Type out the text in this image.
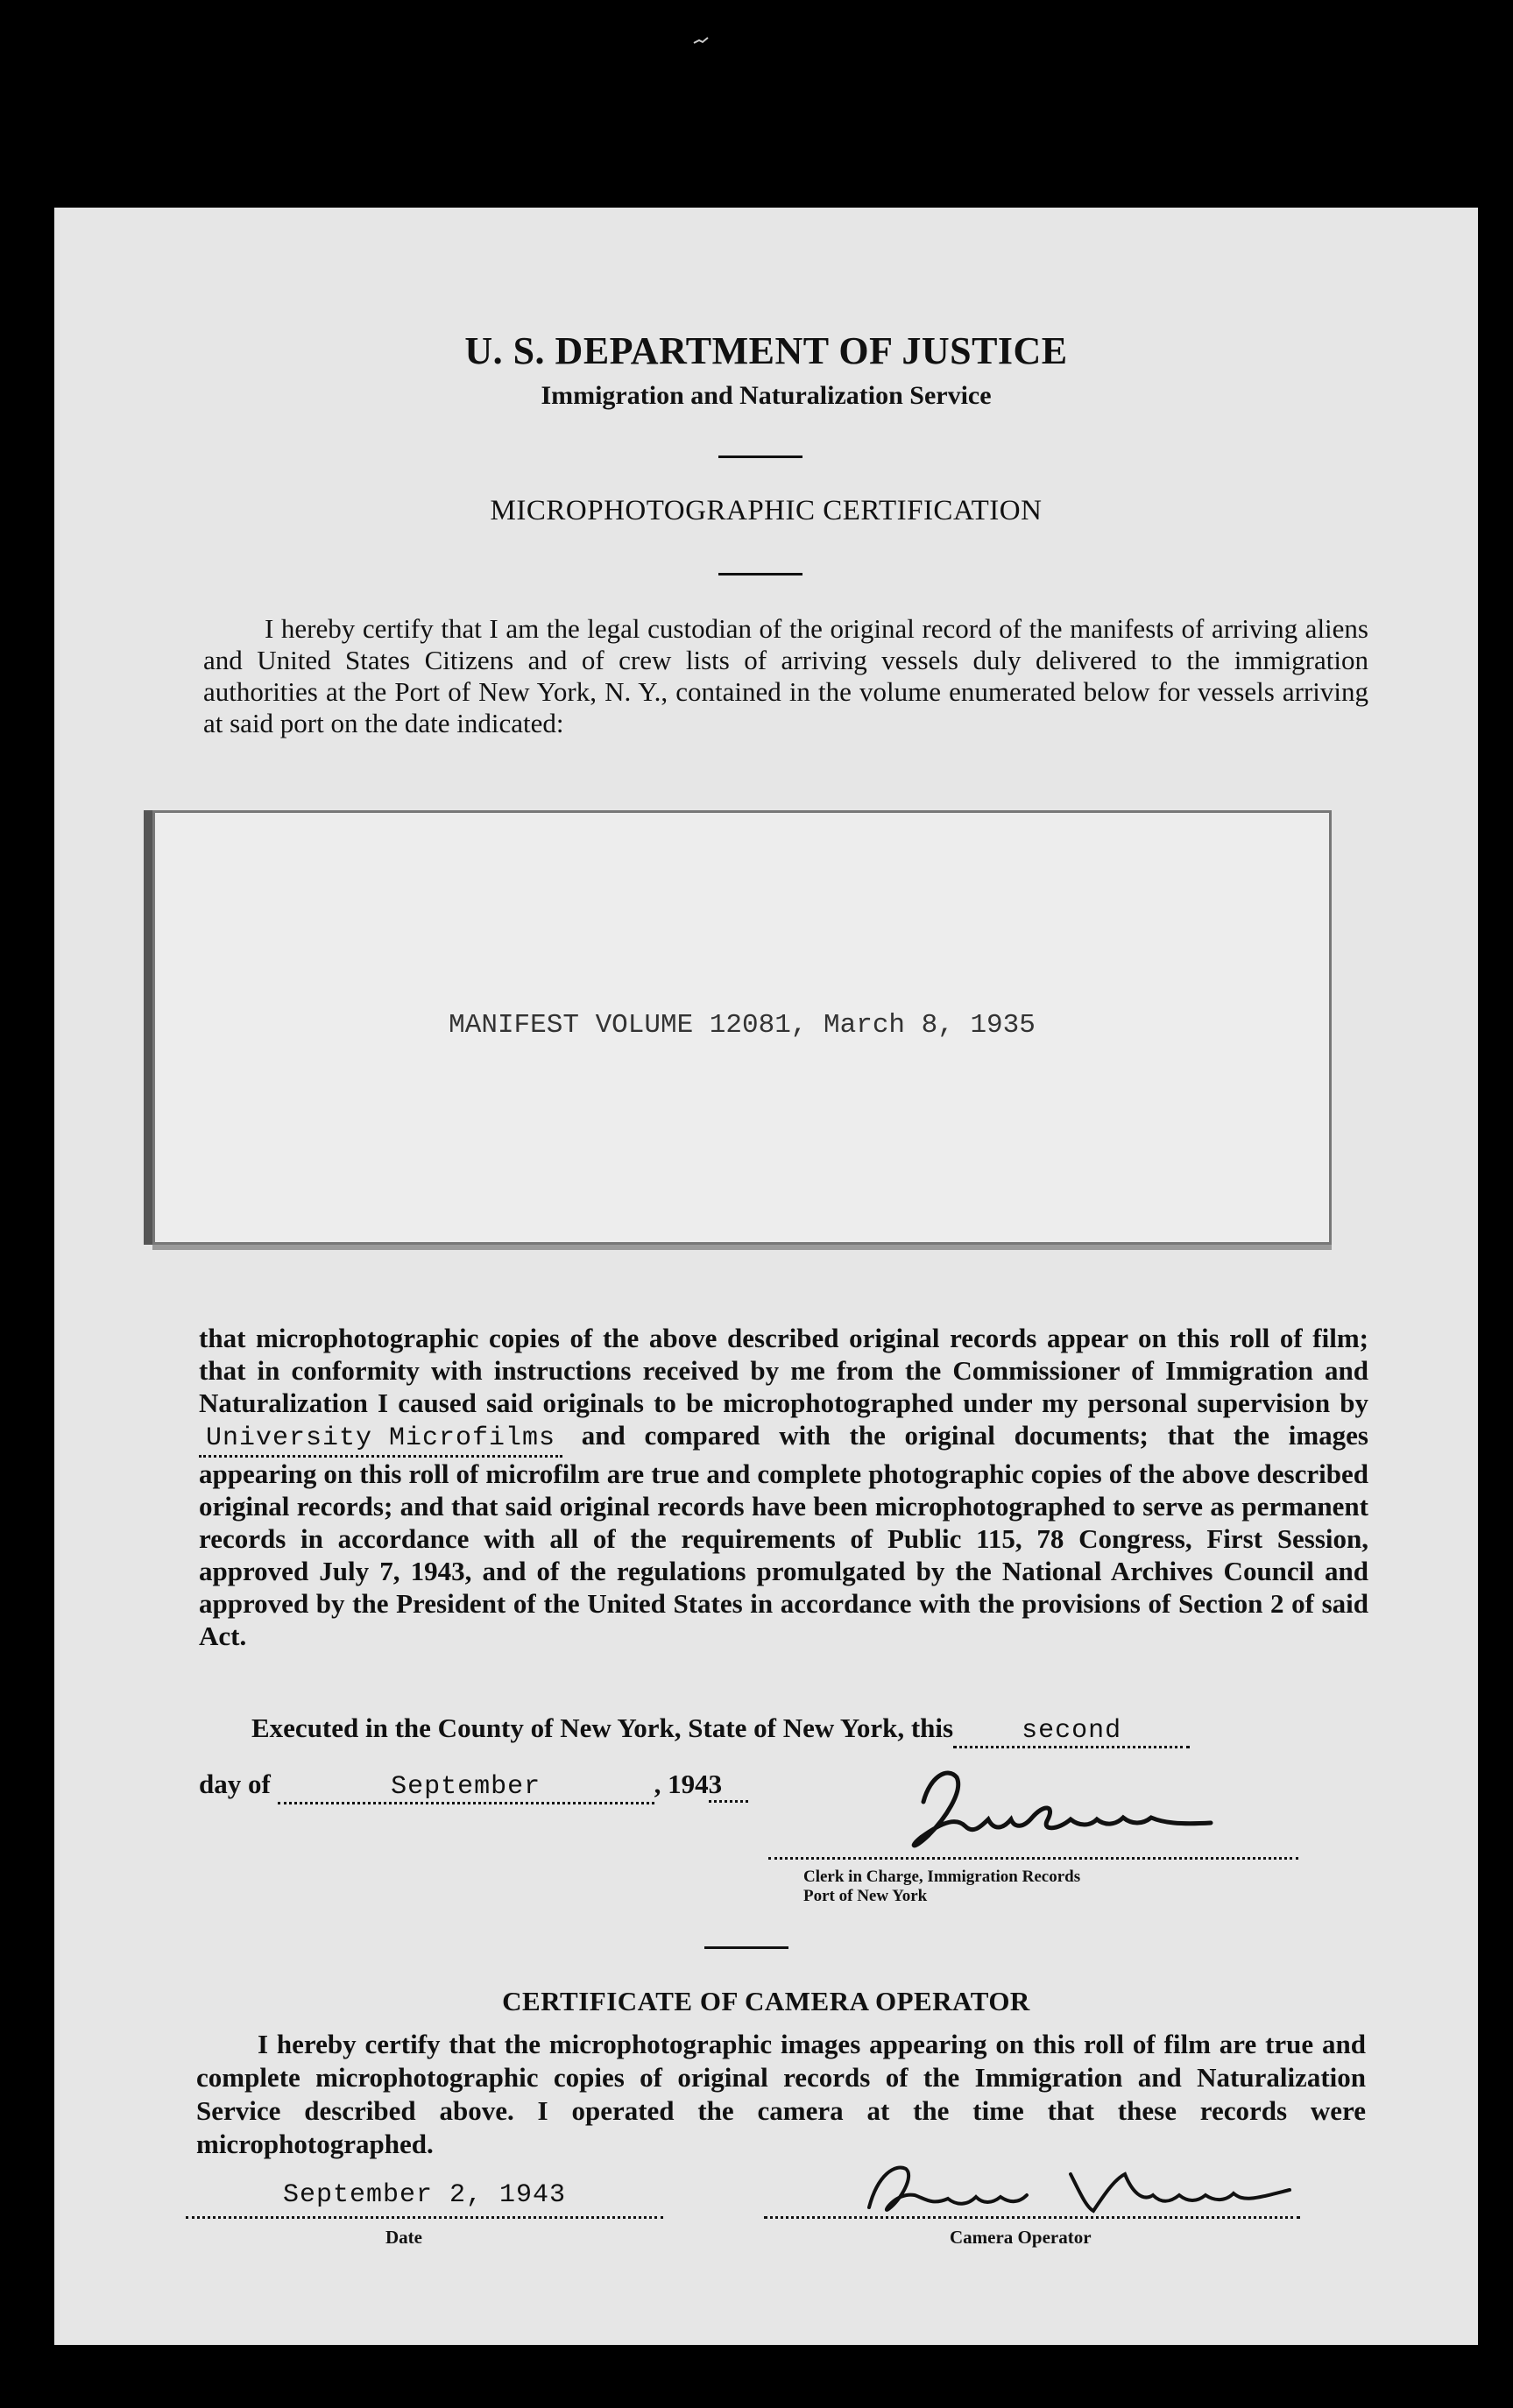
U. S. DEPARTMENT OF JUSTICE
Immigration and Naturalization Service
MICROPHOTOGRAPHIC CERTIFICATION
I hereby certify that I am the legal custodian of the original record of the manifests of arriving aliens and United States Citizens and of crew lists of arriving vessels duly delivered to the immigration authorities at the Port of New York, N. Y., contained in the volume enumerated below for vessels arriving at said port on the date indicated:
MANIFEST VOLUME 12081, March 8, 1935
that microphotographic copies of the above described original records appear on this roll of film; that in conformity with instructions received by me from the Commissioner of Immigration and Naturalization I caused said originals to be microphotographed under my personal supervision by University Microfilms and compared with the original documents; that the images appearing on this roll of microfilm are true and complete photographic copies of the above described original records; and that said original records have been microphotographed to serve as permanent records in accordance with all of the requirements of Public 115, 78 Congress, First Session, approved July 7, 1943, and of the regulations promulgated by the National Archives Council and approved by the President of the United States in accordance with the provisions of Section 2 of said Act.
Executed in the County of New York, State of New York, this	second
day of	September	, 1943
Clerk in Charge, Immigration Records
Port of New York
CERTIFICATE OF CAMERA OPERATOR
I hereby certify that the microphotographic images appearing on this roll of film are true and complete microphotographic copies of original records of the Immigration and Naturalization Service described above. I operated the camera at the time that these records were microphotographed.
September 2, 1943
Date	Camera Operator
